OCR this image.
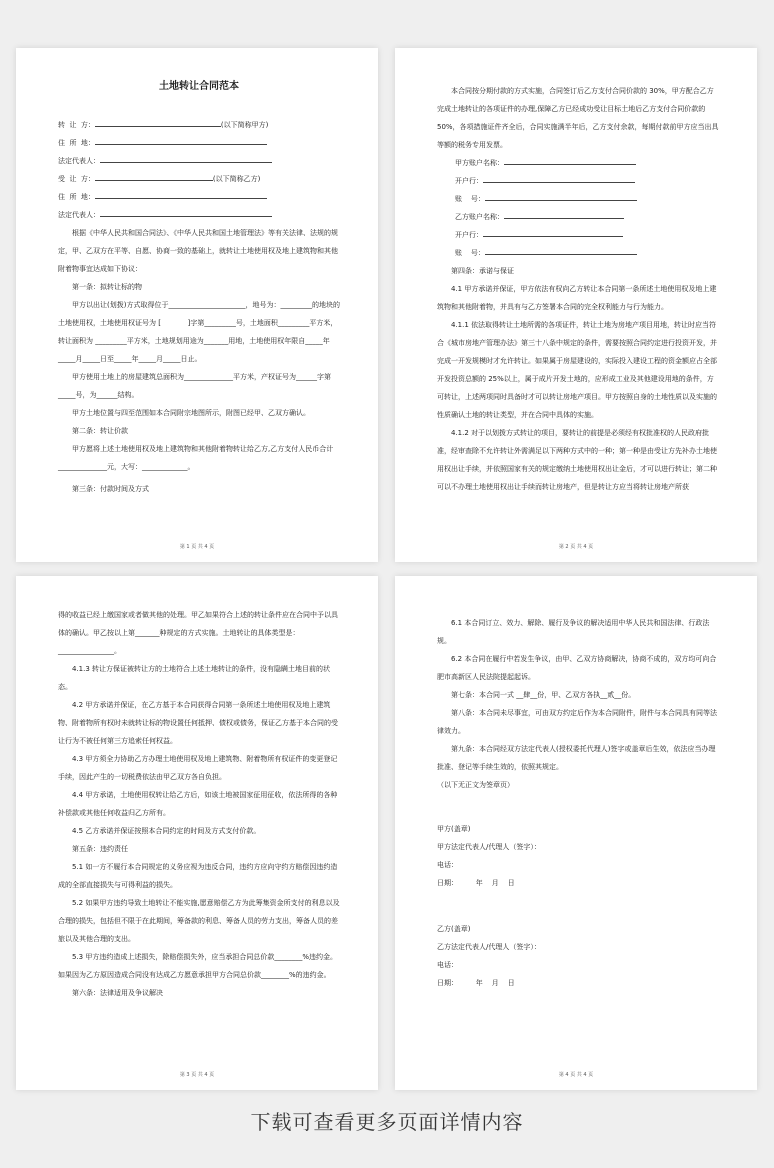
土地转让合同范本

转  让  方：	(以下简称甲方)

住  所  地：

法定代表人：

受  让  方：	(以下简称乙方)

住  所  地：

法定代表人：

根据《中华人民共和国合同法》、《中华人民共和国土地管理法》等有关法律、法规的规定，甲、乙双方在平等、自愿、协商一致的基础上，就转让土地使用权及地上建筑物和其他附着物事宜达成如下协议：

第一条：拟转让标的物

甲方以出让(划拨)方式取得位于______________________，地号为：_________的地块的土地使用权，土地使用权证号为 [            ]字第_________号，土地面积_________平方米，转让面积为 _________平方米，土地规划用途为_______用地，土地使用权年限自_____年_____月_____日至_____年_____月_____日止。

甲方使用土地上的房屋建筑总面积为______________平方米，产权证号为______字第_____号，为______结构。

甲方土地位置与四至范围如本合同附宗地图所示，附图已经甲、乙双方确认。

第二条：转让价款

甲方愿将上述土地使用权及地上建筑物和其他附着物转让给乙方,乙方支付人民币合计______________元，大写：_____________。

第三条：付款时间及方式

第 1 页 共 4 页

本合同按分期付款的方式实施，合同签订后乙方支付合同价款的 30%，甲方配合乙方完成土地转让的各项证件的办理,保障乙方已经成功受让目标土地后乙方支付合同价款的 50%，各项措施证件齐全后，合同实施满半年后，乙方支付余款，每期付款前甲方应当出具等额的税务专用发票。

甲方账户名称：

开户行：

账    号：

乙方账户名称：

开户行：

账    号：

第四条：承诺与保证

4.1 甲方承诺并保证，甲方依法有权向乙方转让本合同第一条所述土地使用权及地上建筑物和其他附着物，并具有与乙方签署本合同的完全权利能力与行为能力。

4.1.1 依法取得转让土地所需的各项证件，转让土地为房地产项目用地，转让时应当符合《城市房地产管理办法》第三十八条中规定的条件，需要按照合同约定进行投资开发，并完成一开发规模时才允许转让。如果属于房屋建设的，实际投入建设工程的资金额应占全部开发投资总额的 25%以上，属于成片开发土地的，应形成工业及其他建设用地的条件，方可转让，上述两项同时具备时才可以转让房地产项目。甲方按照自身的土地性质以及实施的性质确认土地的转让类型，并在合同中具体的实施。

4.1.2 对于以划拨方式转让的项目，要转让的前提是必须经有权批准权的人民政府批准，经审查除不允许转让外需满足以下两种方式中的一种；第一种是由受让方先补办土地使用权出让手续，并依照国家有关的规定缴纳土地使用权出让金后，才可以进行转让；第二种可以不办理土地使用权出让手续而转让房地产，但是转让方应当将转让房地产所获

第 2 页 共 4 页

得的收益已经上缴国家或者做其他的处理。甲乙如果符合上述的转让条件应在合同中予以具体的确认。甲乙按以上第_______种规定的方式实施。土地转让的具体类型是：________________。

4.1.3 转让方保证被转让方的土地符合上述土地转让的条件，没有隐瞒土地目前的状态。

4.2 甲方承诺并保证，在乙方基于本合同获得合同第一条所述土地使用权及地上建筑物、附着物所有权时未就转让标的物设置任何抵押、债权或债务，保证乙方基于本合同的受让行为不被任何第三方追索任何权益。

4.3 甲方须全力协助乙方办理土地使用权及地上建筑物、附着物所有权证件的变更登记手续，因此产生的一切税费依法由甲乙双方各自负担。

4.4 甲方承诺，土地使用权转让给乙方后，如该土地被国家征用征收，依法所得的各种补偿款或其他任何收益归乙方所有。

4.5 乙方承诺并保证按照本合同约定的时间及方式支付价款。

第五条：违约责任

5.1 如一方不履行本合同规定的义务应视为违反合同，违约方应向守约方赔偿因违约造成的全部直接损失与可得利益的损失。

5.2 如果甲方违约导致土地转让不能实施,愿意赔偿乙方为此筹集资金所支付的利息以及合理的损失，包括但不限于在此期间，筹备款的利息、筹备人员的劳力支出，筹备人员的差旅以及其他合理的支出。

5.3 甲方违约造成上述损失，除赔偿损失外，应当承担合同总价款________%违约金。如果因为乙方原因造成合同没有达成乙方愿意承担甲方合同总价款________%的违约金。

第六条：法律适用及争议解决

第 3 页 共 4 页

6.1 本合同订立、效力、解除、履行及争议的解决适用中华人民共和国法律、行政法规。

6.2 本合同在履行中若发生争议，由甲、乙双方协商解决，协商不成的，双方均可向合肥市高新区人民法院提起起诉。

第七条：本合同一式 __肆__份，甲、乙双方各执__贰__份。

第八条：本合同未尽事宜，可由双方约定后作为本合同附件，附件与本合同具有同等法律效力。

第九条：本合同经双方法定代表人(授权委托代理人)签字或盖章后生效，依法应当办理批准、登记等手续生效的，依照其规定。

（以下无正文为签章页）

甲方(盖章)

甲方法定代表人/代理人（签字）：

电话：

日期：        年    月    日

乙方(盖章)

乙方法定代表人/代理人（签字）：

电话：

日期：        年    月    日

第 4 页 共 4 页
下载可查看更多页面详情内容
